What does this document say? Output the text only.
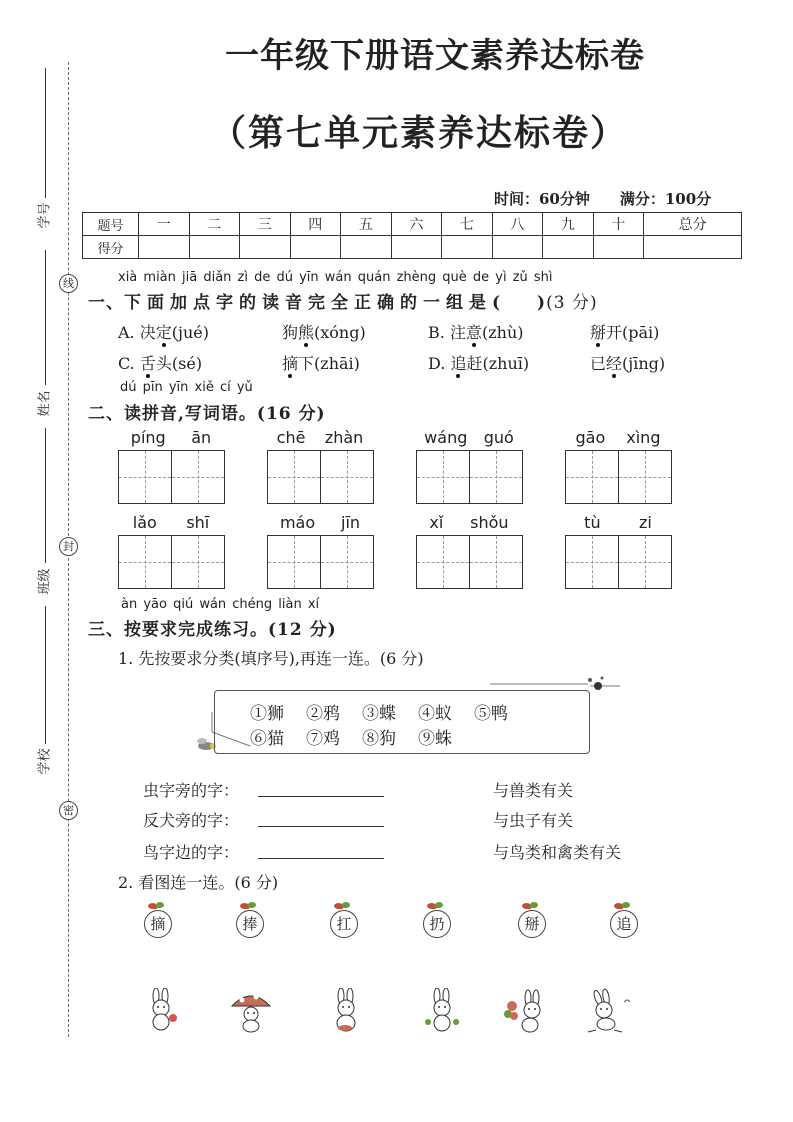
线
封
密
学号
姓名
班级
学校
一年级下册语文素养达标卷
（第七单元素养达标卷）
时间：60分钟　　满分：100分
题号	一	二	三	四	五	六	七	八	九	十	总分
得分											
xià miàn jiā diǎn zì de dú yīn wán quán zhèng què de yì zǔ shì
一、下面加点字的读音完全正确的一组是(　　)(3 分)
A. 决定(jué)	狗熊(xóng)	B. 注意(zhù)	掰开(pāi)
C. 舌头(sé)	摘下(zhāi)	D. 追赶(zhuī)	已经(jīng)
dú pīn yīn xiě cí yǔ
二、读拼音,写词语。(16 分)
píng ān	chē zhàn	wáng guó	gāo xìng
lǎo shī	máo jīn	xǐ shǒu	tù zi
àn yāo qiú wán chéng liàn xí
三、按要求完成练习。(12 分)
1. 先按要求分类(填序号),再连一连。(6 分)
①狮 ②鸦 ③蝶 ④蚁 ⑤鸭
⑥猫 ⑦鸡 ⑧狗 ⑨蛛
虫字旁的字：
反犬旁的字：
鸟字边的字：
与兽类有关
与虫子有关
与鸟类和禽类有关
2. 看图连一连。(6 分)
摘	捧	扛	扔	掰	追
